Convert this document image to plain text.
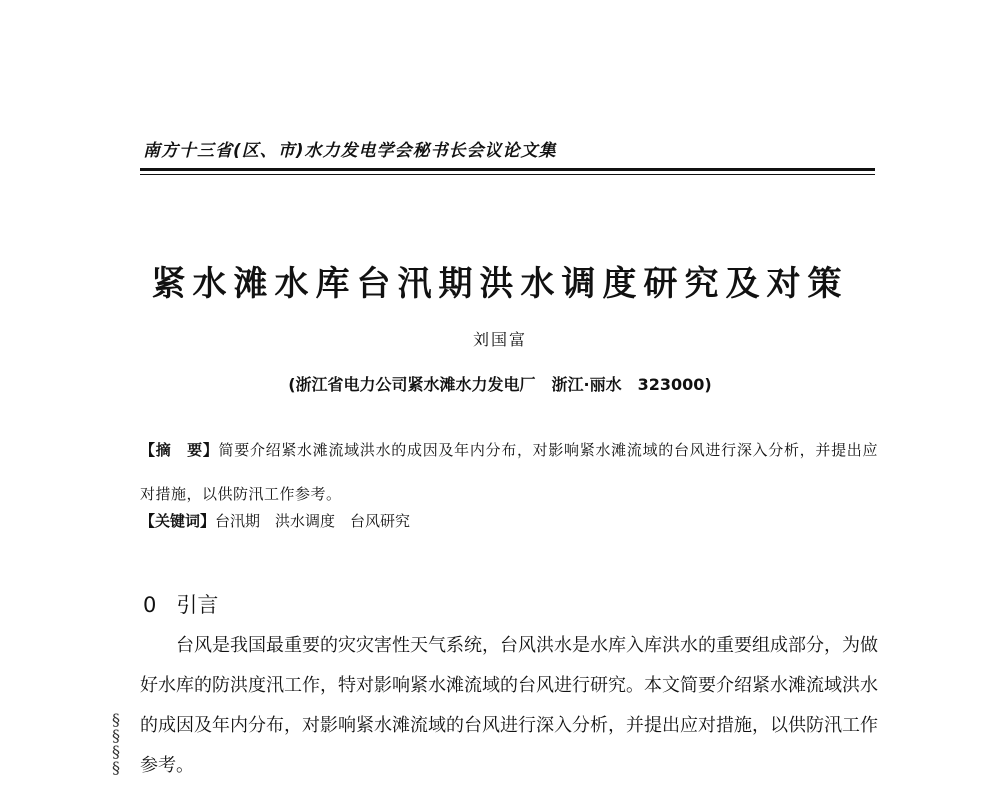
南方十三省(区、市)水力发电学会秘书长会议论文集
紧水滩水库台汛期洪水调度研究及对策
刘国富
(浙江省电力公司紧水滩水力发电厂　浙江·丽水　323000)
【摘　要】简要介绍紧水滩流域洪水的成因及年内分布，对影响紧水滩流域的台风进行深入分析，并提出应对措施，以供防汛工作参考。
【关键词】台汛期　洪水调度　台风研究
0 引言
台风是我国最重要的灾灾害性天气系统，台风洪水是水库入库洪水的重要组成部分，为做好水库的防洪度汛工作，特对影响紧水滩流域的台风进行研究。本文简要介绍紧水滩流域洪水的成因及年内分布，对影响紧水滩流域的台风进行深入分析，并提出应对措施，以供防汛工作参考。
§
§
§
§
